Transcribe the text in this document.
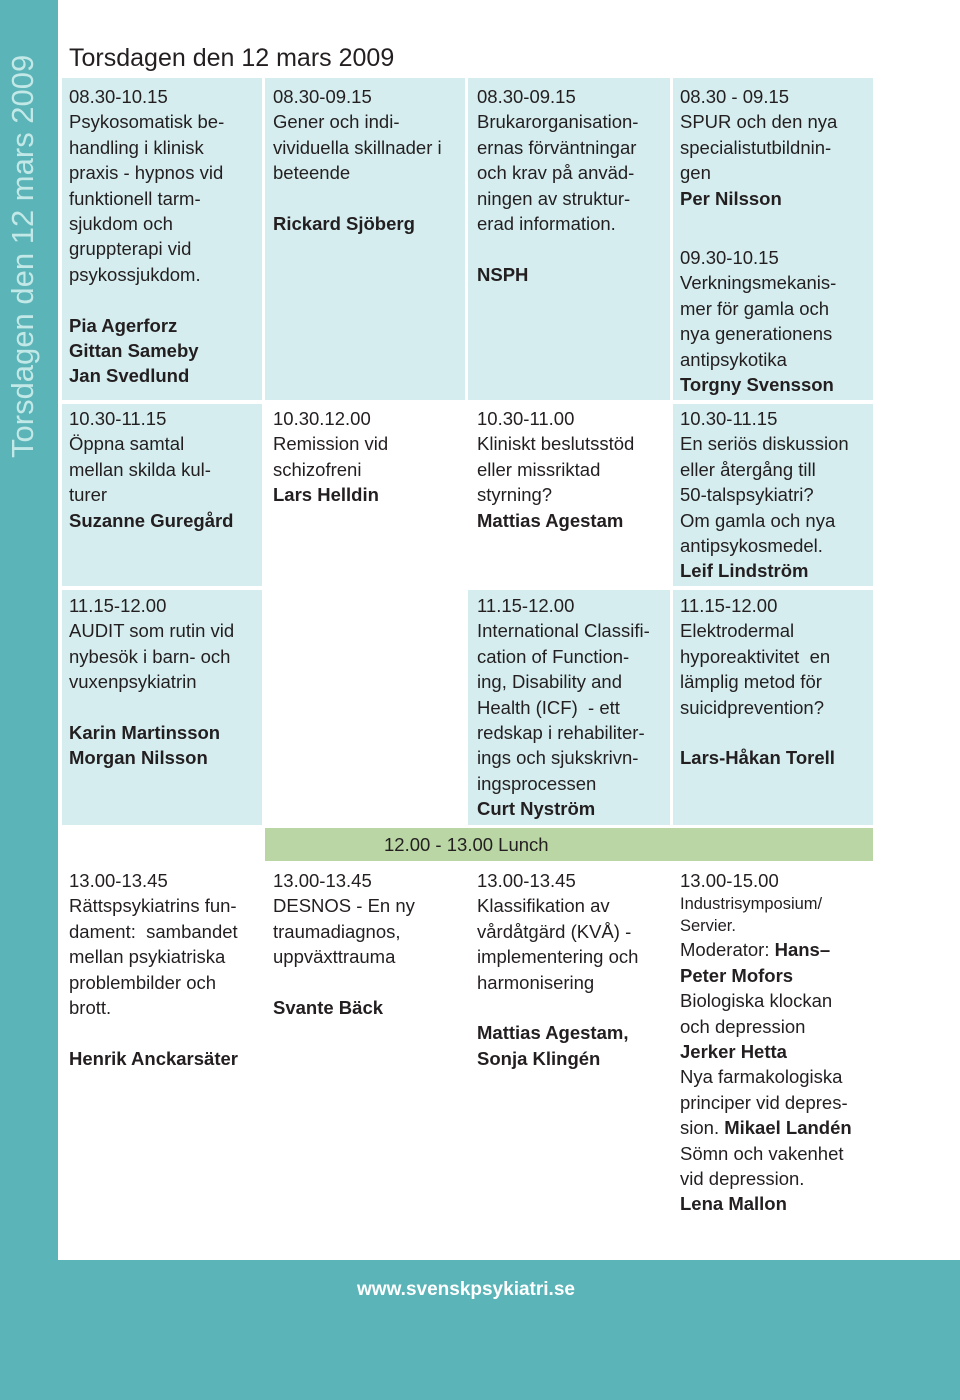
Torsdagen den 12 mars 2009 Torsdagen den 12 mars 2009
08.30-10.15
Psykosomatisk be-
handling i klinisk
praxis - hypnos vid
funktionell tarm-
sjukdom och
gruppterapi vid
psykossjukdom.
Pia Agerforz
Gittan Sameby
Jan Svedlund
08.30-09.15
Gener och indi-
vividuella skillnader i
beteende
Rickard Sjöberg
08.30-09.15
Brukarorganisation-
ernas förväntningar
och krav på anväd-
ningen av struktur-
erad information.
NSPH
08.30 - 09.15
SPUR och den nya
specialistutbildnin-
gen
Per Nilsson
09.30-10.15
Verkningsmekanis-
mer för gamla och
nya generationens
antipsykotika
Torgny Svensson
10.30-11.15
Öppna samtal
mellan skilda kul-
turer
Suzanne Guregård
10.30.12.00
Remission vid
schizofreni
Lars Helldin
10.30-11.00
Kliniskt beslutsstöd
eller missriktad
styrning?
Mattias Agestam
10.30-11.15
En seriös diskussion
eller återgång till
50-talspsykiatri?
Om gamla och nya
antipsykosmedel.
Leif Lindström
11.15-12.00
AUDIT som rutin vid
nybesök i barn- och
vuxenpsykiatrin
Karin Martinsson
Morgan Nilsson
11.15-12.00
International Classifi-
cation of Function-
ing, Disability and
Health (ICF)  - ett
redskap i rehabiliter-
ings och sjukskrivn-
ingsprocessen
Curt Nyström
11.15-12.00
Elektrodermal
hyporeaktivitet  en
lämplig metod för
suicidprevention?
Lars-Håkan Torell
12.00 - 13.00 Lunch
13.00-13.45
Rättspsykiatrins fun-
dament:  sambandet
mellan psykiatriska
problembilder och
brott.
Henrik Anckarsäter
13.00-13.45
DESNOS - En ny
traumadiagnos,
uppväxttrauma
Svante Bäck
13.00-13.45
Klassifikation av
vårdåtgärd (KVÅ) -
implementering och
harmonisering
Mattias Agestam,
Sonja Klingén
13.00-15.00
Industrisymposium/
Servier.
Moderator: Hans–
Peter Mofors
Biologiska klockan
och depression
Jerker Hetta
Nya farmakologiska
principer vid depres-
sion. Mikael Landén
Sömn och vakenhet
vid depression.
Lena Mallon
www.svenskpsykiatri.se
